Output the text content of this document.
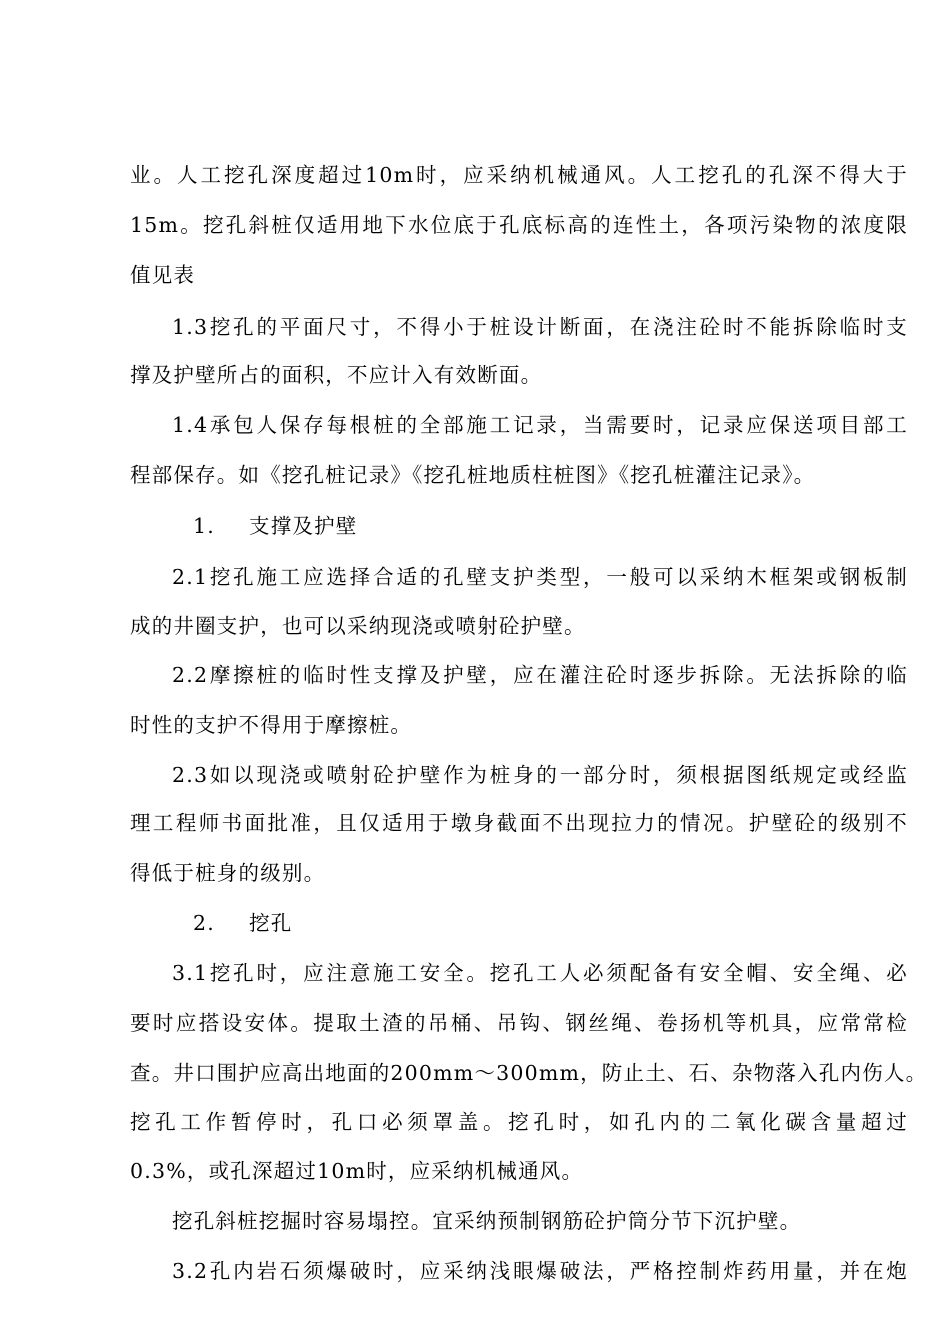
业。人工挖孔深度超过10m时，应采纳机械通风。人工挖孔的孔深不得大于
15m。挖孔斜桩仅适用地下水位底于孔底标高的连性土，各项污染物的浓度限
值见表
1.3挖孔的平面尺寸，不得小于桩设计断面，在浇注砼时不能拆除临时支
撑及护壁所占的面积，不应计入有效断面。
1.4承包人保存每根桩的全部施工记录，当需要时，记录应保送项目部工
程部保存。如《挖孔桩记录》《挖孔桩地质柱桩图》《挖孔桩灌注记录》。
1. 支撑及护壁
2.1挖孔施工应选择合适的孔壁支护类型，一般可以采纳木框架或钢板制
成的井圈支护，也可以采纳现浇或喷射砼护壁。
2.2摩擦桩的临时性支撑及护壁，应在灌注砼时逐步拆除。无法拆除的临
时性的支护不得用于摩擦桩。
2.3如以现浇或喷射砼护壁作为桩身的一部分时，须根据图纸规定或经监
理工程师书面批准，且仅适用于墩身截面不出现拉力的情况。护壁砼的级别不
得低于桩身的级别。
2. 挖孔
3.1挖孔时，应注意施工安全。挖孔工人必须配备有安全帽、安全绳、必
要时应搭设安体。提取土渣的吊桶、吊钩、钢丝绳、卷扬机等机具，应常常检
查。井口围护应高出地面的200mm～300mm，防止土、石、杂物落入孔内伤人。
挖孔工作暂停时，孔口必须罩盖。挖孔时，如孔内的二氧化碳含量超过
0.3%，或孔深超过10m时，应采纳机械通风。
挖孔斜桩挖掘时容易塌控。宜采纳预制钢筋砼护筒分节下沉护壁。
3.2孔内岩石须爆破时，应采纳浅眼爆破法，严格控制炸药用量，并在炮
